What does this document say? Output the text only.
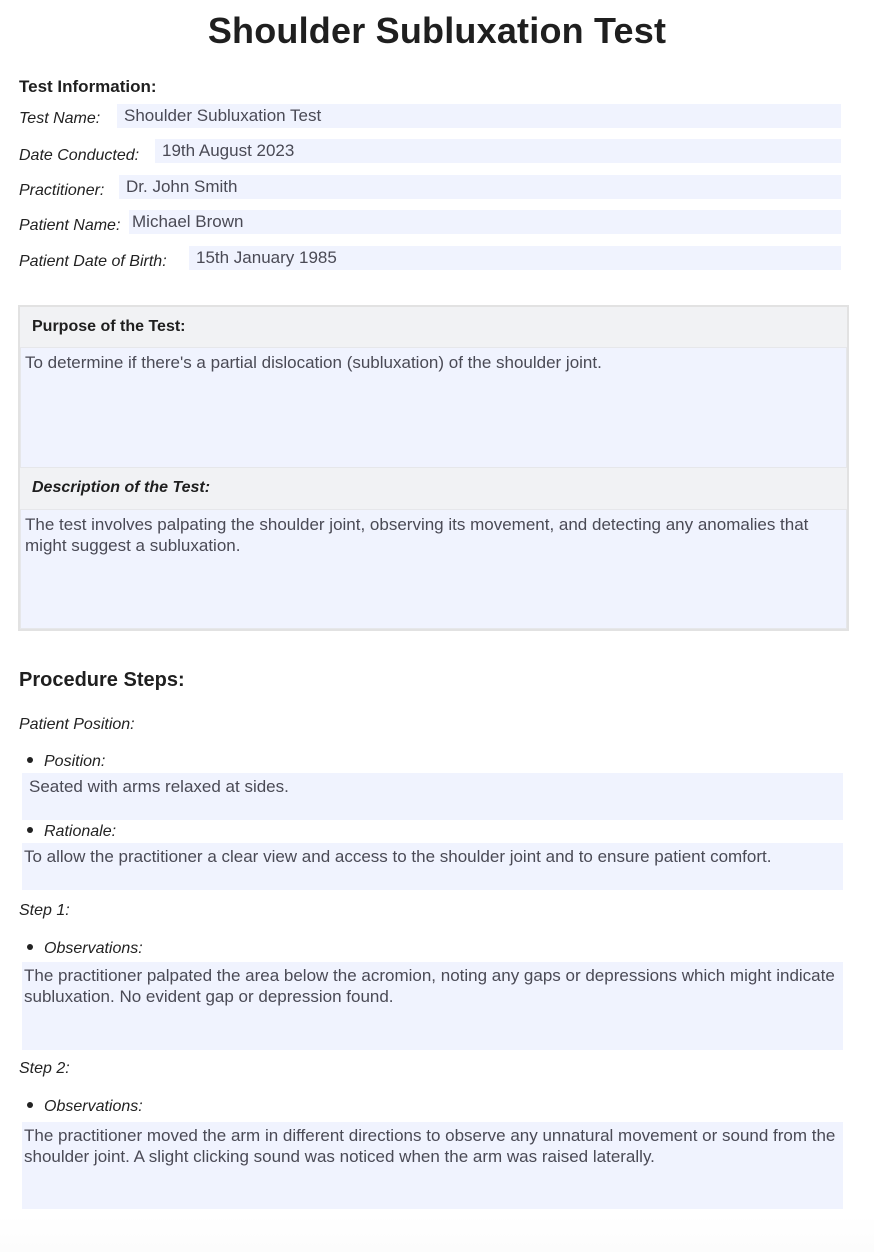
Shoulder Subluxation Test
Test Information:
Test Name:	Shoulder Subluxation Test
Date Conducted:	19th August 2023
Practitioner:	Dr. John Smith
Patient Name: Michael Brown
Patient Date of Birth:	15th January 1985
Purpose of the Test:
To determine if there's a partial dislocation (subluxation) of the shoulder joint.
Description of the Test:
The test involves palpating the shoulder joint, observing its movement, and detecting any anomalies that might suggest a subluxation.
Procedure Steps:
Patient Position:
Position:
Seated with arms relaxed at sides.
Rationale:
To allow the practitioner a clear view and access to the shoulder joint and to ensure patient comfort.
Step 1:
Observations:
The practitioner palpated the area below the acromion, noting any gaps or depressions which might indicate subluxation. No evident gap or depression found.
Step 2:
Observations:
The practitioner moved the arm in different directions to observe any unnatural movement or sound from the shoulder joint. A slight clicking sound was noticed when the arm was raised laterally.
